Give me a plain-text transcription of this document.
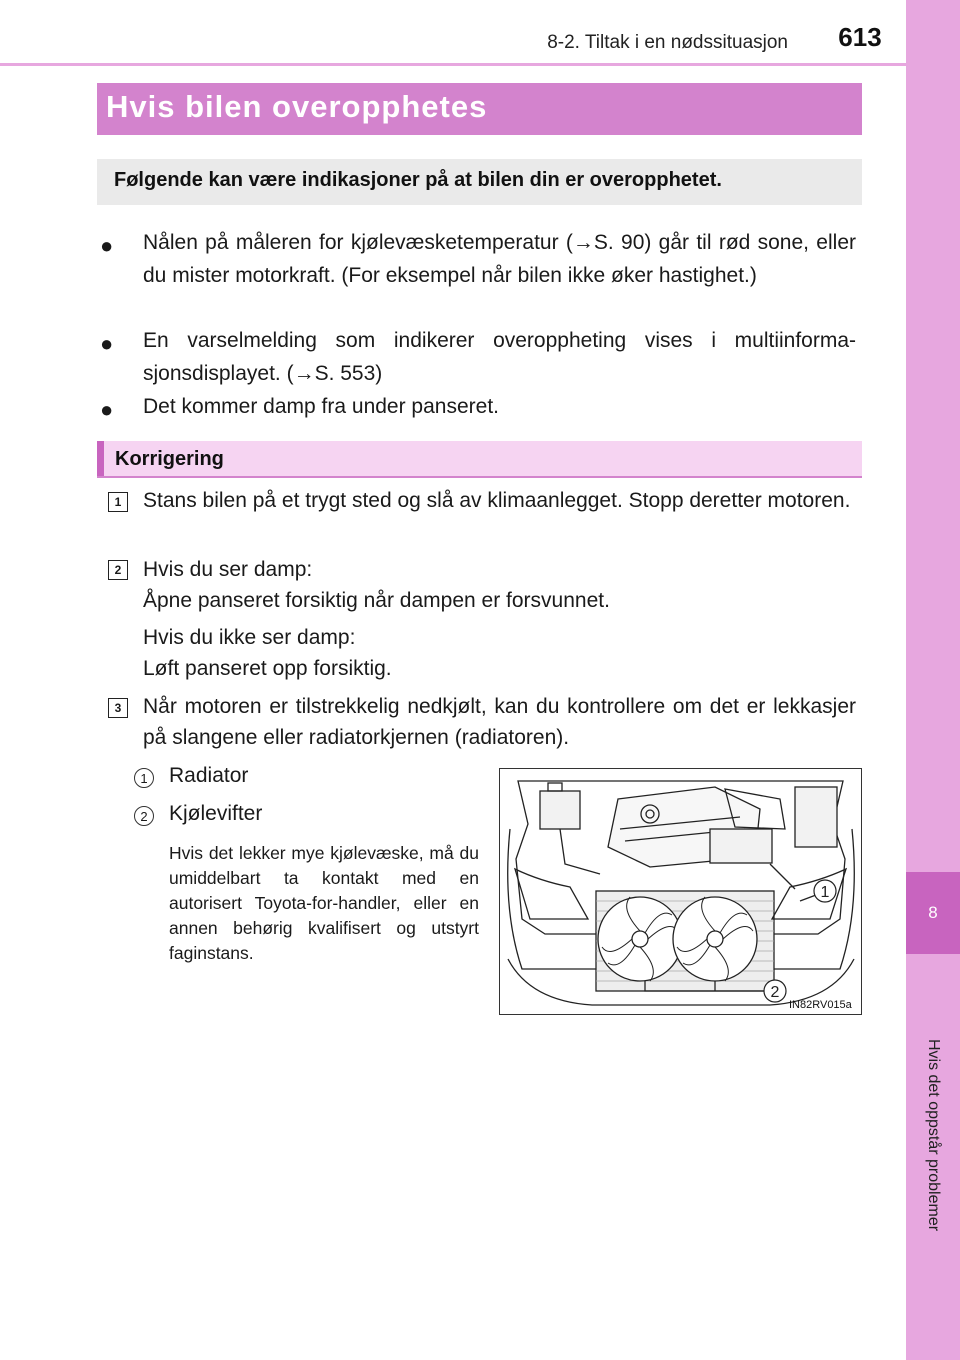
8-2. Tiltak i en nødssituasjon	613
8
Hvis det oppstår problemer
Hvis bilen overopphetes
Følgende kan være indikasjoner på at bilen din er overopphetet.
● Nålen på måleren for kjølevæsketemperatur (→S. 90) går til rød sone, eller du mister motorkraft. (For eksempel når bilen ikke øker hastighet.)
● En varselmelding som indikerer overoppheting vises i multiinforma-sjonsdisplayet. (→S. 553)
● Det kommer damp fra under panseret.
Korrigering
1	Stans bilen på et trygt sted og slå av klimaanlegget. Stopp deretter motoren.
2	Hvis du ser damp:
Åpne panseret forsiktig når dampen er forsvunnet.
Hvis du ikke ser damp:
Løft panseret opp forsiktig.
3	Når motoren er tilstrekkelig nedkjølt, kan du kontrollere om det er lekkasjer på slangene eller radiatorkjernen (radiatoren).
1	Radiator
2	Kjølevifter
Hvis det lekker mye kjølevæske, må du umiddelbart ta kontakt med en autorisert Toyota-for-handler, eller en annen behørig kvalifisert og utstyrt faginstans.
1
2
IN82RV015a
